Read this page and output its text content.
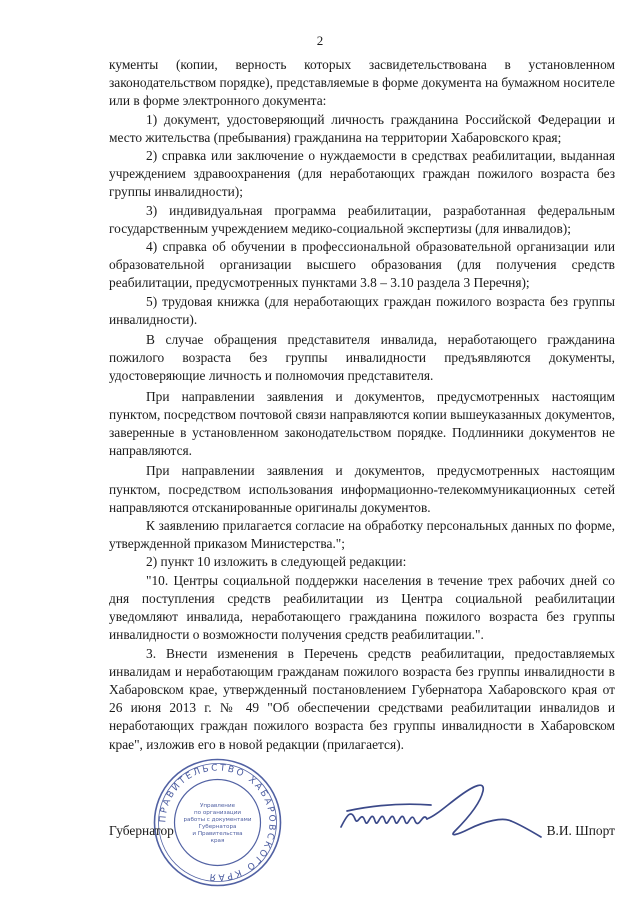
2

кументы (копии, верность которых засвидетельствована в установленном законодательством порядке), представляемые в форме документа на бумажном носителе или в форме электронного документа:

1) документ, удостоверяющий личность гражданина Российской Федерации и место жительства (пребывания) гражданина на территории Хабаровского края;

2) справка или заключение о нуждаемости в средствах реабилитации, выданная учреждением здравоохранения (для неработающих граждан пожилого возраста без группы инвалидности);

3) индивидуальная программа реабилитации, разработанная федеральным государственным учреждением медико-социальной экспертизы (для инвалидов);

4) справка об обучении в профессиональной образовательной организации или образовательной организации высшего образования (для получения средств реабилитации, предусмотренных пунктами 3.8 – 3.10 раздела 3 Перечня);

5) трудовая книжка (для неработающих граждан пожилого возраста без группы инвалидности).

В случае обращения представителя инвалида, неработающего гражданина пожилого возраста без группы инвалидности предъявляются документы, удостоверяющие личность и полномочия представителя.

При направлении заявления и документов, предусмотренных настоящим пунктом, посредством почтовой связи направляются копии вышеуказанных документов, заверенные в установленном законодательством порядке. Подлинники документов не направляются.

При направлении заявления и документов, предусмотренных настоящим пунктом, посредством использования информационно-телекоммуникационных сетей направляются отсканированные оригиналы документов.

К заявлению прилагается согласие на обработку персональных данных по форме, утвержденной приказом Министерства.";

2) пункт 10 изложить в следующей редакции:

"10. Центры социальной поддержки населения в течение трех рабочих дней со дня поступления средств реабилитации из Центра социальной реабилитации уведомляют инвалида, неработающего гражданина пожилого возраста без группы инвалидности о возможности получения средств реабилитации.".

3. Внести изменения в Перечень средств реабилитации, предоставляемых инвалидам и неработающим гражданам пожилого возраста без группы инвалидности в Хабаровском крае, утвержденный постановлением Губернатора Хабаровского края от 26 июня 2013 г. № 49 "Об обеспечении средствами реабилитации инвалидов и неработающих граждан пожилого возраста без группы инвалидности в Хабаровском крае", изложив его в новой редакции (прилагается).

ПРАВИТЕЛЬСТВО ХАБАРОВСКОГО КРАЯ
Управление
по организации
работы с документами
Губернатора
и Правительства
края
Губернатор	В.И. Шпорт
